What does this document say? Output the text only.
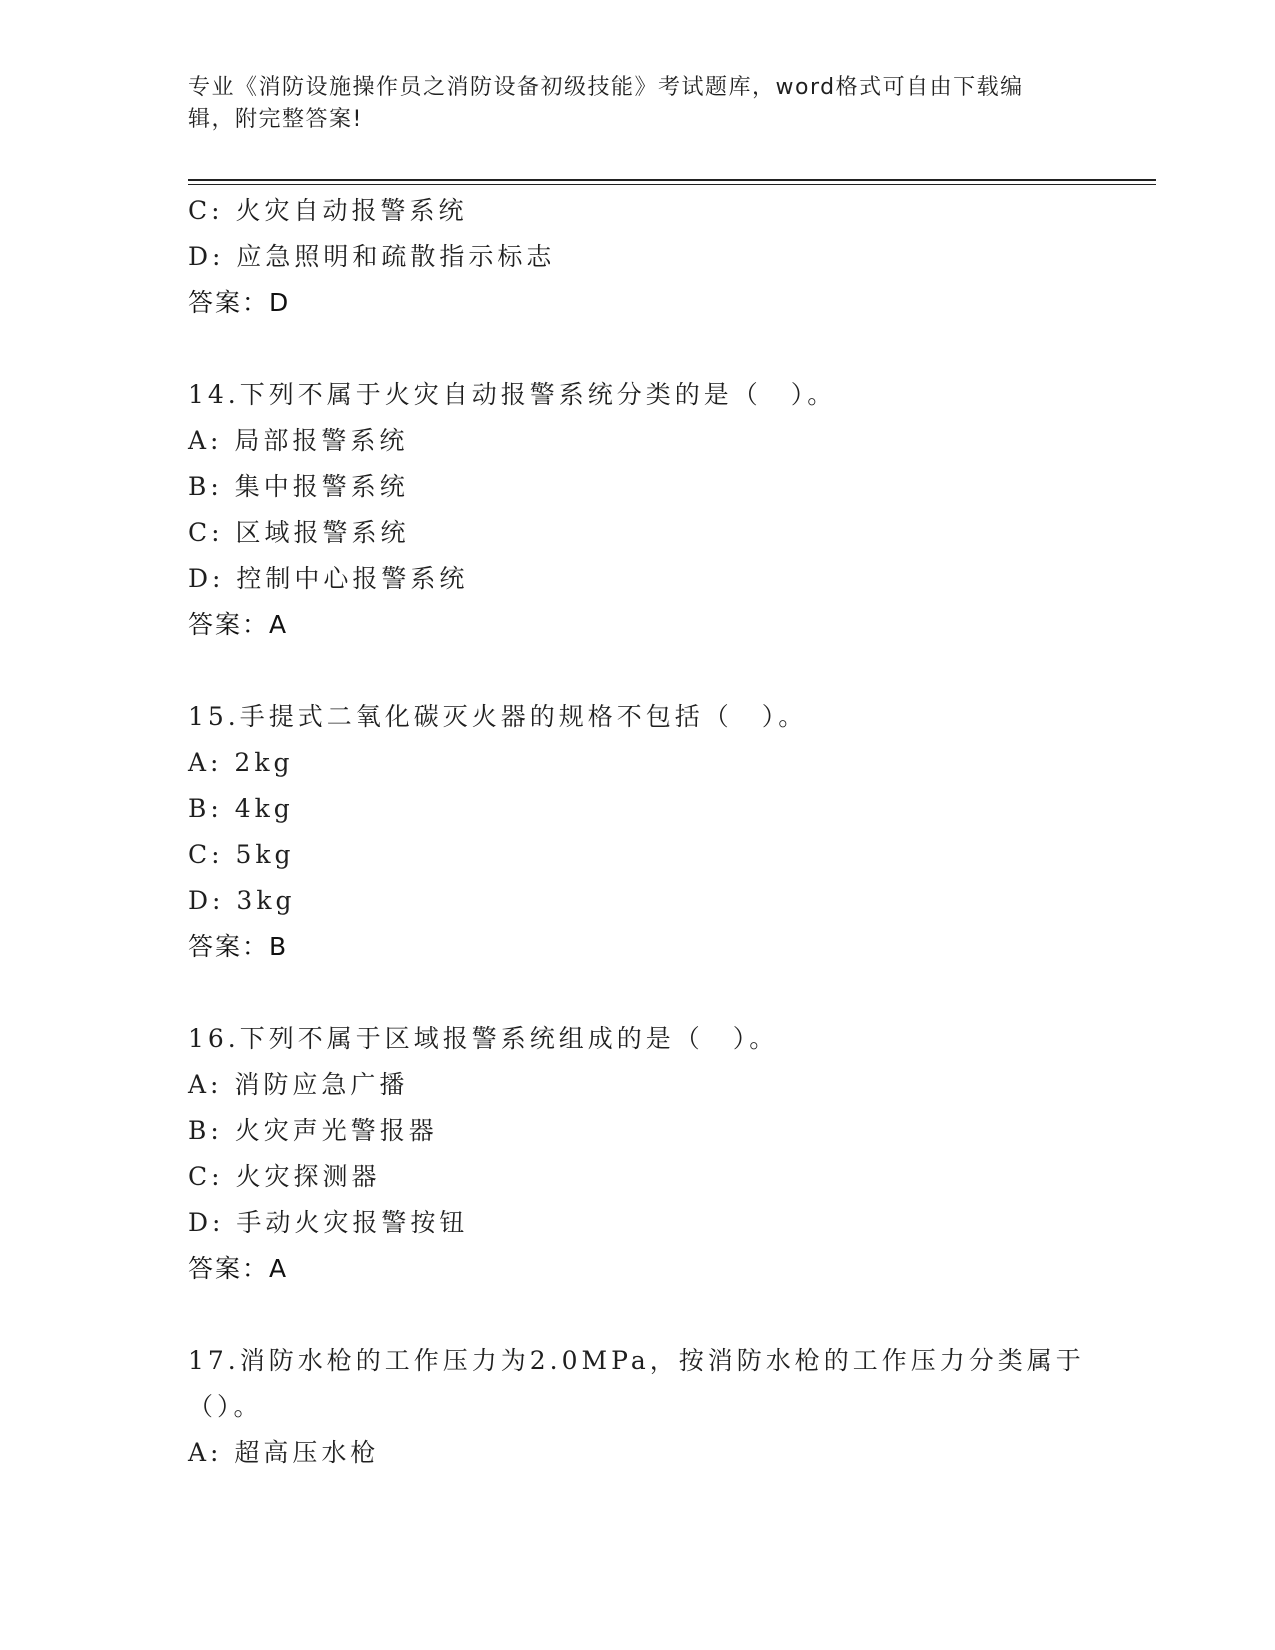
专业《消防设施操作员之消防设备初级技能》考试题库，word格式可自由下载编辑，附完整答案!
C: 火灾自动报警系统
D: 应急照明和疏散指示标志
答案：D
14.下列不属于火灾自动报警系统分类的是（　）。
A: 局部报警系统
B: 集中报警系统
C: 区域报警系统
D: 控制中心报警系统
答案：A
15.手提式二氧化碳灭火器的规格不包括（　）。
A: 2kg
B: 4kg
C: 5kg
D: 3kg
答案：B
16.下列不属于区域报警系统组成的是（　）。
A: 消防应急广播
B: 火灾声光警报器
C: 火灾探测器
D: 手动火灾报警按钮
答案：A
17.消防水枪的工作压力为2.0MPa，按消防水枪的工作压力分类属于（）。
A: 超高压水枪
